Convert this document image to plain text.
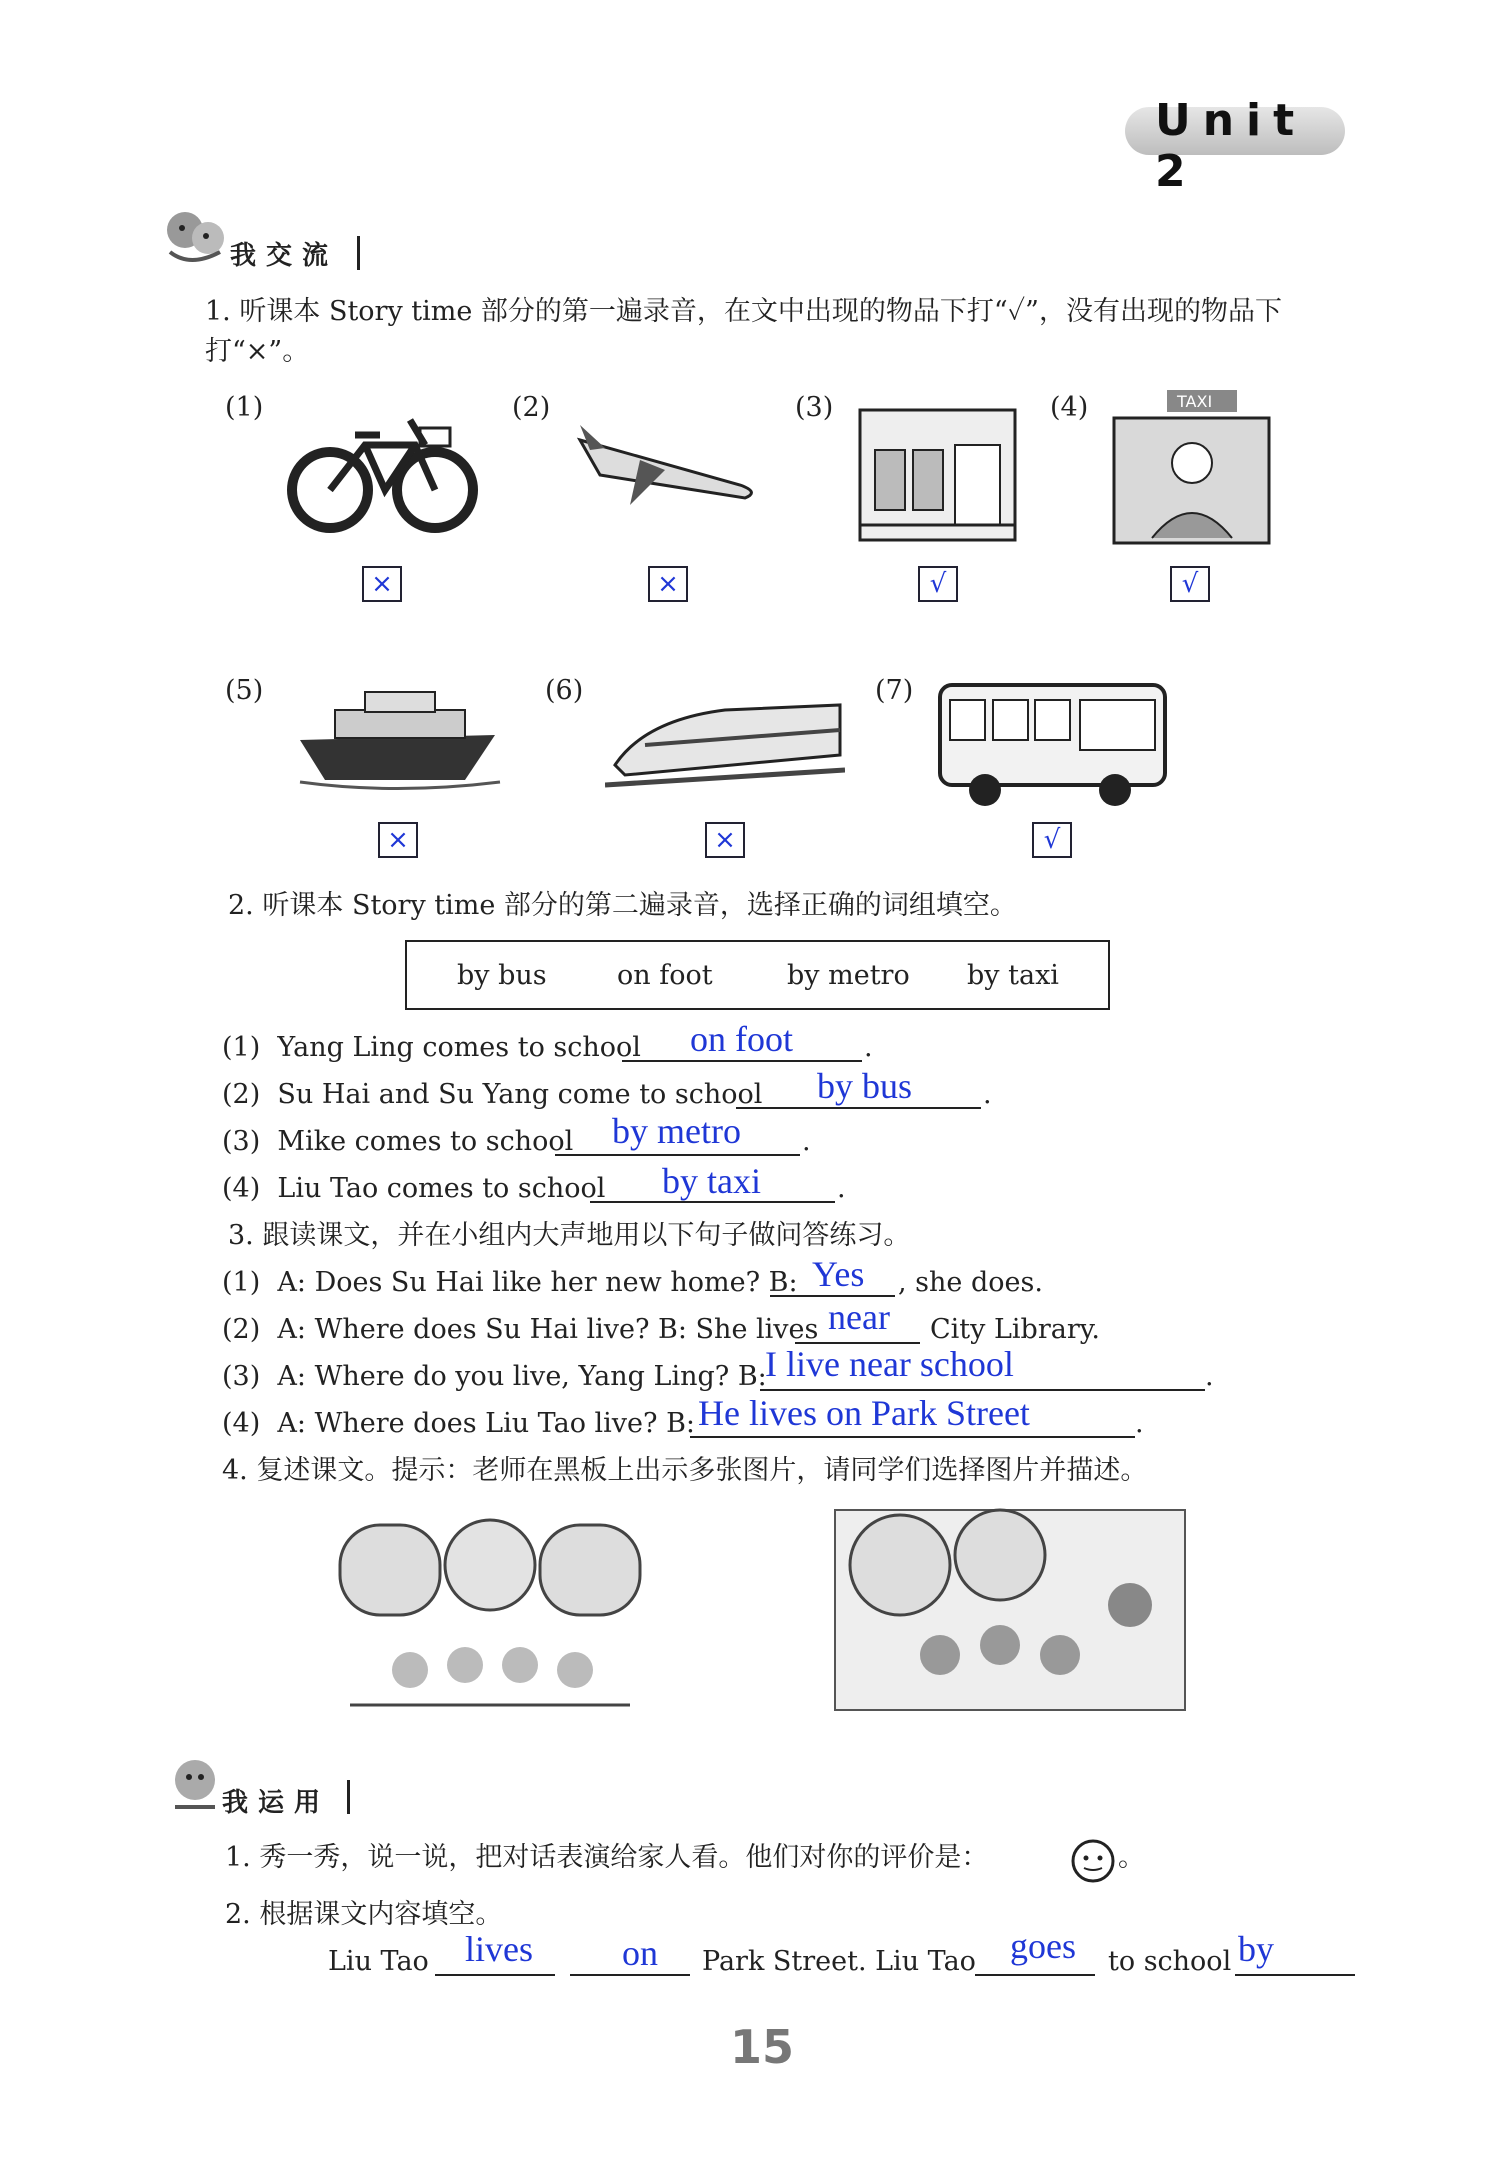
Unit 2
我交流
1. 听课本 Story time 部分的第一遍录音，在文中出现的物品下打“✓”，没有出现的物品下打“×”。
(1)	(2)	(3)	(4)	TAXI
×	×	√	√
(5)	(6)	(7)
×	×	√
2. 听课本 Story time 部分的第二遍录音，选择正确的词组填空。
by bus	on foot	by metro by taxi
(1) Yang Ling comes to school on foot	.
(2) Su Hai and Su Yang come to school by bus	.
(3) Mike comes to school by metro .
(4) Liu Tao comes to school by taxi	.
3. 跟读课文，并在小组内大声地用以下句子做问答练习。
(1) A: Does Su Hai like her new home? B: Yes , she does.
(2) A: Where does Su Hai live? B: She lives near City Library.
(3) A: Where do you live, Yang Ling? B:
I live near school	.
(4) A: Where does Liu Tao live? B: He lives on Park Street	.
4. 复述课文。提示：老师在黑板上出示多张图片，请同学们选择图片并描述。
我运用
1. 秀一秀，说一说，把对话表演给家人看。他们对你的评价是：	。
2. 根据课文内容填空。
Liu Tao lives on Park Street. Liu Tao goes to school by
15
